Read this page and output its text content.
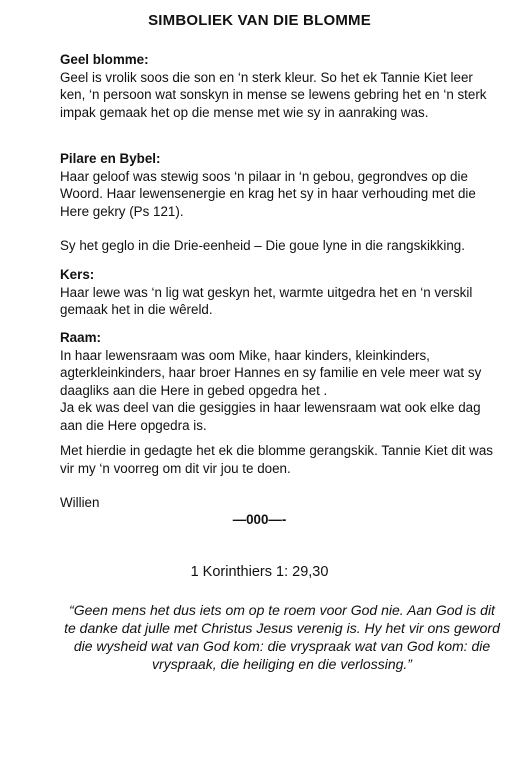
SIMBOLIEK VAN DIE BLOMME
Geel blomme:

Geel is vrolik soos die son en ‘n sterk kleur. So het ek Tannie Kiet leer ken, ‘n persoon wat sonskyn in mense se lewens gebring het en ‘n sterk impak gemaak het op die mense met wie sy in aanraking was.

Pilare en Bybel:

Haar geloof was stewig soos ‘n pilaar in ‘n gebou, gegrondves op die Woord. Haar lewensenergie en krag het sy in haar verhouding met die Here gekry (Ps 121).

Sy het geglo in die Drie-eenheid – Die goue lyne in die rangskikking.

Kers:

Haar lewe was ‘n lig wat geskyn het, warmte uitgedra het en ‘n verskil gemaak het in die wêreld.

Raam:

In haar lewensraam was oom Mike, haar kinders, kleinkinders, agterkleinkinders, haar broer Hannes en sy familie en vele meer wat sy daagliks aan die Here in gebed opgedra het .

Ja ek was deel van die gesiggies in haar lewensraam wat ook elke dag aan die Here opgedra is.

Met hierdie in gedagte het ek die blomme gerangskik. Tannie Kiet dit was vir my ‘n voorreg om dit vir jou te doen.

Willien

—000—-
1 Korinthiers 1: 29,30
“Geen mens het dus iets om op te roem voor God nie. Aan God is dit te danke dat julle met Christus Jesus verenig is. Hy het vir ons geword die wysheid wat van God kom: die vryspraak wat van God kom: die vryspraak, die heiliging en die verlossing.”
